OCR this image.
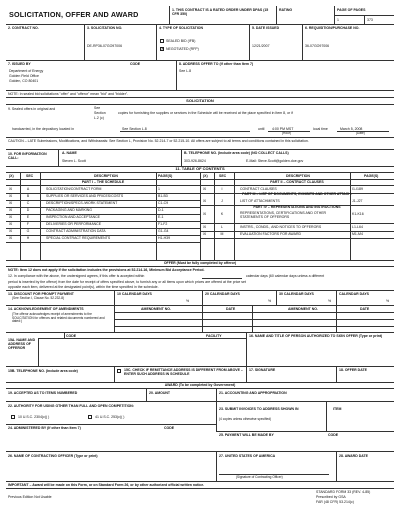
SOLICITATION, OFFER AND AWARD	1. THIS CONTRACT IS A RATED ORDER UNDER DPAS (15 CFR 350)
RATING	PAGE OF PAGES
1	373
2. CONTRACT NO.	3. SOLICITATION NO.
DE-RP36-07GO97006
4. TYPE OF SOLICITATION
SEALED BID (IFB)
✕ NEGOTIATED (RFP)
5. DATE ISSUED
12/21/2007
6. REQUISITION/PURCHASE NO.
36-07GO97006
7. ISSUED BY	CODE
Department of Energy
Golden Field Office
Golden, CO 80401
8. ADDRESS OFFER TO (If other than Item 7)
See L.8
NOTE: In sealed bid solicitations "offer" and "offeror" mean "bid" and "bidder".
SOLICITATION
9. Sealed offers in original and	See
Section
L.2 (c)
copies for furnishing the supplies or services in the Schedule will be received at the place specified in Item 8, or if
handcarried, in the depository located in	See Section L.8	until 4:00 PM MST	local time	March 5, 2008
(Hour)	(Date)
CAUTION – LATE Submissions, Modifications, and Withdrawals: See Section L, Provision No. 52.214-7 or 52.215-10. All offers are subject to all terms and conditions contained in this solicitation.
10. FOR INFORMATION CALL:
A. NAME
Steven L. Scott
B. TELEPHONE NO. (Include area code) (NO COLLECT CALLS)
303-926-8624	E-Mail: Steve.Scott@golden.doe.gov
11. TABLE OF CONTENTS
(X)	SEC	DESCRIPTION	PAGE(S)	(X)	SEC	DESCRIPTION	PAGE(S)
PART I – THE SCHEDULE	PART II – CONTRACT CLAUSES
☒	A	SOLICITATION/CONTRACT FORM	1
☒	B	SUPPLIES OR SERVICES AND PRICES/COSTS	B1-B3
☒	C	DESCRIPTION/SPECS./WORK STATEMENT	C1-C9
☒	D	PACKAGING AND MARKING	D-1
☒	E	INSPECTION AND ACCEPTANCE	E-1
☒	F	DELIVERIES OR PERFORMANCE	F1-F2
☒	G	CONTRACT ADMINISTRATION DATA	G1-G4
☒	H	SPECIAL CONTRACT REQUIREMENTS	H1-H39
☒	I	CONTRACT CLAUSES	I1-I189
☒	J	LIST OF ATTACHMENTS	J1-J27
☒	K	REPRESENTATIONS, CERTIFICATIONS AND OTHER STATEMENTS OF OFFERORS
K1-K16
☒	L	INSTRS., CONDS., AND NOTICES TO OFFERORS	L1-L64
☒	M	EVALUATION FACTORS FOR AWARD	M1-M4
PART III – LIST OF DOCUMENTS, EXHIBITS AND OTHER ATTACH.
PART IV – REPRESENTATIONS AND INSTRUCTIONS
OFFER (Must be fully completed by offeror)
NOTE: Item 12 does not apply if the solicitation includes the provisions at 52.214-16, Minimum Bid Acceptance Period.
12. In compliance with the above, the undersigned agrees, if this offer is accepted within	calendar days (60 calendar days unless a different
period is inserted by the offeror) from the date for receipt of offers specified above, to furnish any or all items upon which prices are offered at the price set
opposite each item, delivered at the designated point(s), within the time specified in the schedule.
13. DISCOUNT FOR PROMPT PAYMENT
(See Section I, Clause No. 52.232-8)
10 CALENDAR DAYS
%
20 CALENDAR DAYS
%
30 CALENDAR DAYS
%
CALENDAR DAYS
%
14. ACKNOWLEDGEMENT OF AMENDMENTS
(The offeror acknowledges receipt of amendments to the SOLICITATION for offerors and related documents numbered and dated:)
AMENDMENT NO.	DATE	AMENDMENT NO.	DATE
15A. NAME AND ADDRESS OF OFFEROR
CODE	FACILITY	16. NAME AND TITLE OF PERSON AUTHORIZED TO SIGN OFFER (Type or print)
15B. TELEPHONE NO. (Include area code)	15C. CHECK IF REMITTANCE ADDRESS IS DIFFERENT FROM ABOVE – ENTER SUCH ADDRESS IN SCHEDULE
17. SIGNATURE	18. OFFER DATE
AWARD (To be completed by Government)
19. ACCEPTED AS TO ITEMS NUMBERED	20. AMOUNT	21. ACCOUNTING AND APPROPRIATION
22. AUTHORITY FOR USING OTHER THAN FULL AND OPEN COMPETITION:
10 U.S.C. 2304(c)( )	41 U.S.C. 253(c)( )
23. SUBMIT INVOICES TO ADDRESS SHOWN IN
(4 copies unless otherwise specified)
ITEM
24. ADMINISTERED BY (If other than Item 7)	CODE
25. PAYMENT WILL BE MADE BY	CODE
26. NAME OF CONTRACTING OFFICER (Type or print)	27. UNITED STATES OF AMERICA
(Signature of Contracting Officer)
28. AWARD DATE
IMPORTANT – Award will be made on this Form, or on Standard Form 26, or by other authorized official written notice.
Previous Edition Not Usable
STANDARD FORM 33 (REV. 4-85)
Prescribed by GSA
FAR (48 CFR) 53.214(c)
